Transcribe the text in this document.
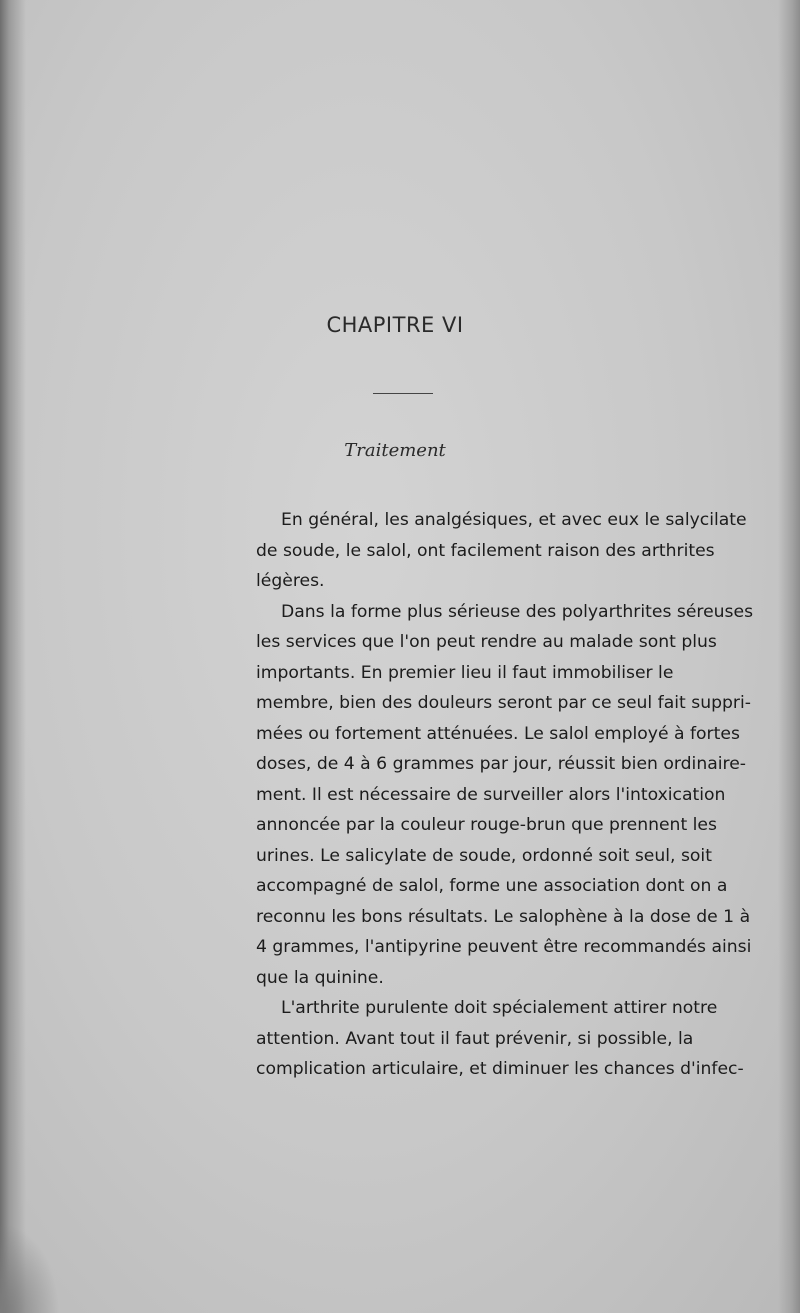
CHAPITRE VI
Traitement
En général, les analgésiques, et avec eux le salycilate
de soude, le salol, ont facilement raison des arthrites
légères.
Dans la forme plus sérieuse des polyarthrites séreuses
les services que l'on peut rendre au malade sont plus
importants. En premier lieu il faut immobiliser le
membre, bien des douleurs seront par ce seul fait suppri-
mées ou fortement atténuées. Le salol employé à fortes
doses, de 4 à 6 grammes par jour, réussit bien ordinaire-
ment. Il est nécessaire de surveiller alors l'intoxication
annoncée par la couleur rouge-brun que prennent les
urines. Le salicylate de soude, ordonné soit seul, soit
accompagné de salol, forme une association dont on a
reconnu les bons résultats. Le salophène à la dose de 1 à
4 grammes, l'antipyrine peuvent être recommandés ainsi
que la quinine.
L'arthrite purulente doit spécialement attirer notre
attention. Avant tout il faut prévenir, si possible, la
complication articulaire, et diminuer les chances d'infec-
